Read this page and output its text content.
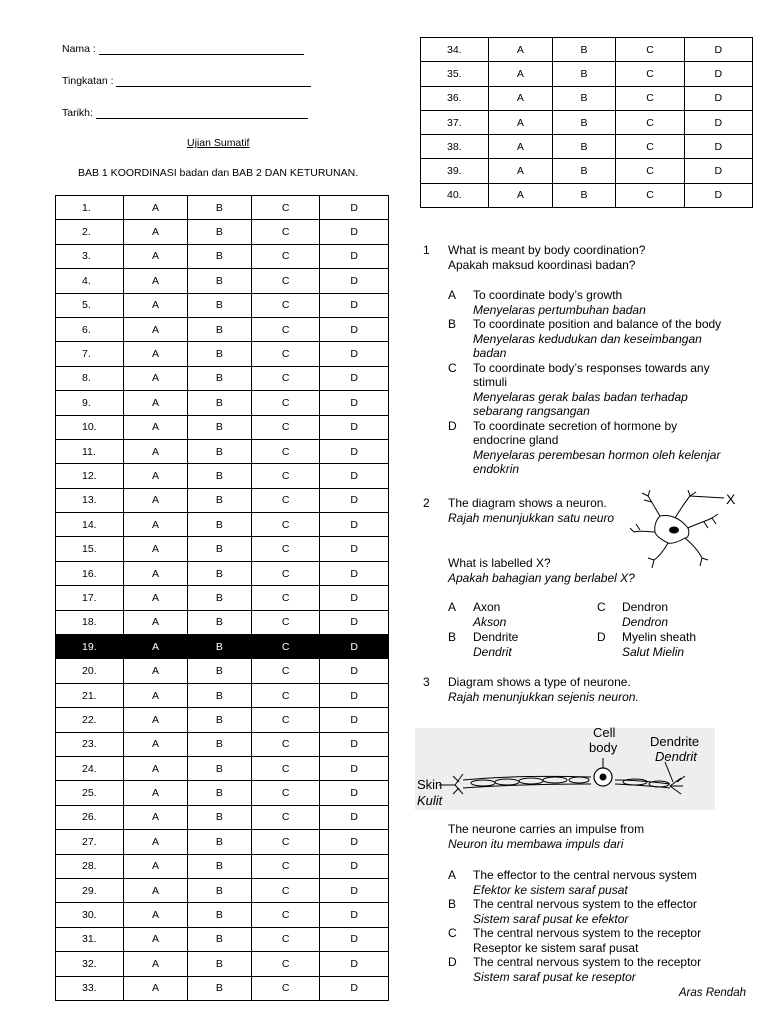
Nama :
Tingkatan :
Tarikh:
Ujian Sumatif
BAB 1 KOORDINASI badan dan BAB 2 DAN KETURUNAN.
1.	A	B	C	D
2.	A	B	C	D
3.	A	B	C	D
4.	A	B	C	D
5.	A	B	C	D
6.	A	B	C	D
7.	A	B	C	D
8.	A	B	C	D
9.	A	B	C	D
10.	A	B	C	D
11.	A	B	C	D
12.	A	B	C	D
13.	A	B	C	D
14.	A	B	C	D
15.	A	B	C	D
16.	A	B	C	D
17.	A	B	C	D
18.	A	B	C	D
19.	A	B	C	D
20.	A	B	C	D
21.	A	B	C	D
22.	A	B	C	D
23.	A	B	C	D
24.	A	B	C	D
25.	A	B	C	D
26.	A	B	C	D
27.	A	B	C	D
28.	A	B	C	D
29.	A	B	C	D
30.	A	B	C	D
31.	A	B	C	D
32.	A	B	C	D
33.	A	B	C	D
34.	A	B	C	D
35.	A	B	C	D
36.	A	B	C	D
37.	A	B	C	D
38.	A	B	C	D
39.	A	B	C	D
40.	A	B	C	D
1 What is meant by body coordination?
Apakah maksud koordinasi badan?
A To coordinate body’s growth
Menyelaras pertumbuhan badan
B To coordinate position and balance of the body
Menyelaras kedudukan dan keseimbangan
badan
C To coordinate body’s responses towards any
stimuli
Menyelaras gerak balas badan terhadap
sebarang rangsangan
D To coordinate secretion of hormone by
endocrine gland
Menyelaras perembesan hormon oleh kelenjar
endokrin
2 The diagram shows a neuron.
Rajah menunjukkan satu neuro
X
What is labelled X?
Apakah bahagian yang berlabel X?
A Axon
Akson
C Dendron
Dendron
B Dendrite
Dendrit
D Myelin sheath
Salut Mielin
3 Diagram shows a type of neurone.
Rajah menunjukkan sejenis neuron.
Cell
body	Dendrite
Dendrit
Skin
Kulit
The neurone carries an impulse from
Neuron itu membawa impuls dari
A The effector to the central nervous system
Efektor ke sistem saraf pusat
B The central nervous system to the effector
Sistem saraf pusat ke efektor
C The central nervous system to the receptor
Reseptor ke sistem saraf pusat
D The central nervous system to the receptor
Sistem saraf pusat ke reseptor
Aras Rendah
